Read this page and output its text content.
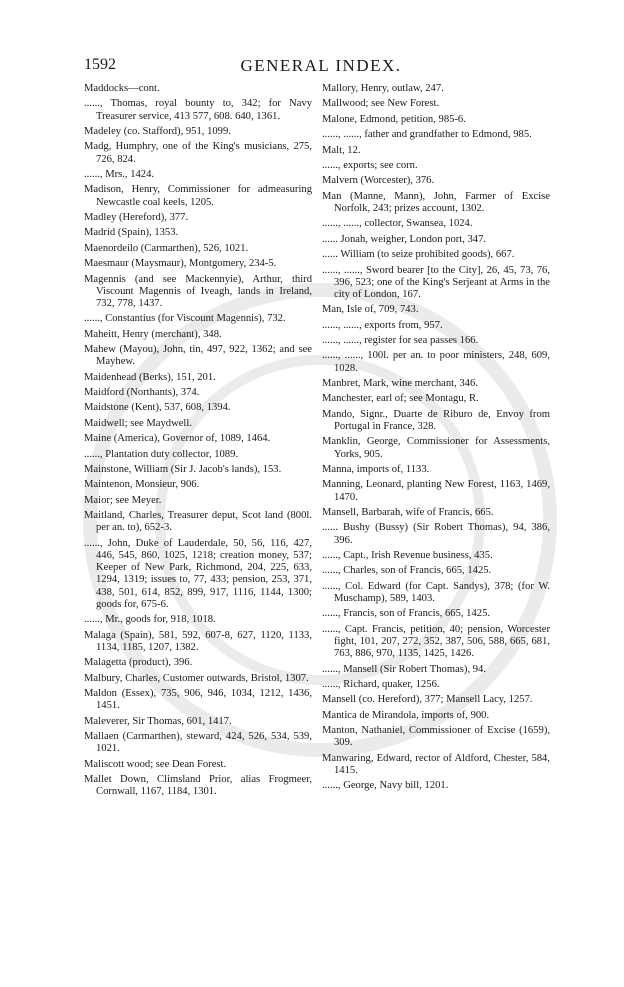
1592	GENERAL INDEX.

Maddocks—cont.

......, Thomas, royal bounty to, 342; for Navy Treasurer service, 413 577, 608. 640, 1361.

Madeley (co. Stafford), 951, 1099.

Madg, Humphry, one of the King's musicians, 275, 726, 824.

......, Mrs., 1424.

Madison, Henry, Commissioner for admeasuring Newcastle coal keels, 1205.

Madley (Hereford), 377.

Madrid (Spain), 1353.

Maenordeilo (Carmarthen), 526, 1021.

Maesmaur (Maysmaur), Montgomery, 234-5.

Magennis (and see Mackennyie), Arthur, third Viscount Magennis of Iveagh, lands in Ireland, 732, 778, 1437.

......, Constantius (for Viscount Magennis), 732.

Maheitt, Henry (merchant), 348.

Mahew (Mayou), John, tin, 497, 922, 1362; and see Mayhew.

Maidenhead (Berks), 151, 201.

Maidford (Northants), 374.

Maidstone (Kent), 537, 608, 1394.

Maidwell; see Maydwell.

Maine (America), Governor of, 1089, 1464.

......, Plantation duty collector, 1089.

Mainstone, William (Sir J. Jacob's lands), 153.

Maintenon, Monsieur, 906.

Maior; see Meyer.

Maitland, Charles, Treasurer deput, Scot land (800l. per an. to), 652-3.

......, John, Duke of Lauderdale, 50, 56, 116, 427, 446, 545, 860, 1025, 1218; creation money, 537; Keeper of New Park, Richmond, 204, 225, 633, 1294, 1319; issues to, 77, 433; pension, 253, 371, 438, 501, 614, 852, 899, 917, 1116, 1144, 1300; goods for, 675-6.

......, Mr., goods for, 918, 1018.

Malaga (Spain), 581, 592, 607-8, 627, 1120, 1133, 1134, 1185, 1207, 1382.

Malagetta (product), 396.

Malbury, Charles, Customer outwards, Bristol, 1307.

Maldon (Essex), 735, 906, 946, 1034, 1212, 1436, 1451.

Maleverer, Sir Thomas, 601, 1417.

Mallaen (Carmarthen), steward, 424, 526, 534, 539, 1021.

Maliscott wood; see Dean Forest.

Mallet Down, Climsland Prior, alias Frogmeer, Cornwall, 1167, 1184, 1301.

Mallory, Henry, outlaw, 247.

Mallwood; see New Forest.

Malone, Edmond, petition, 985-6.

......, ......, father and grandfather to Edmond, 985.

Malt, 12.

......, exports; see corn.

Malvern (Worcester), 376.

Man (Manne, Mann), John, Farmer of Excise Norfolk, 243; prizes account, 1302.

......, ......, collector, Swansea, 1024.

...... Jonah, weigher, London port, 347.

...... William (to seize prohibited goods), 667.

......, ......, Sword bearer [to the City], 26, 45, 73, 76, 396, 523; one of the King's Serjeant at Arms in the city of London, 167.

Man, Isle of, 709, 743.

......, ......, exports from, 957.

......, ......, register for sea passes 166.

......, ......, 100l. per an. to poor ministers, 248, 609, 1028.

Manbret, Mark, wine merchant, 346.

Manchester, earl of; see Montagu, R.

Mando, Signr., Duarte de Riburo de, Envoy from Portugal in France, 328.

Manklin, George, Commissioner for Assessments, Yorks, 905.

Manna, imports of, 1133.

Manning, Leonard, planting New Forest, 1163, 1469, 1470.

Mansell, Barbarah, wife of Francis, 665.

...... Bushy (Bussy) (Sir Robert Thomas), 94, 386, 396.

......, Capt., Irish Revenue business, 435.

......, Charles, son of Francis, 665, 1425.

......, Col. Edward (for Capt. Sandys), 378; (for W. Muschamp), 589, 1403.

......, Francis, son of Francis, 665, 1425.

......, Capt. Francis, petition, 40; pension, Worcester fight, 101, 207, 272, 352, 387, 506, 588, 665, 681, 763, 886, 970, 1135, 1425, 1426.

......, Mansell (Sir Robert Thomas), 94.

......, Richard, quaker, 1256.

Mansell (co. Hereford), 377; Mansell Lacy, 1257.

Mantica de Mirandola, imports of, 900.

Manton, Nathaniel, Commissioner of Excise (1659), 309.

Manwaring, Edward, rector of Aldford, Chester, 584, 1415.

......, George, Navy bill, 1201.
